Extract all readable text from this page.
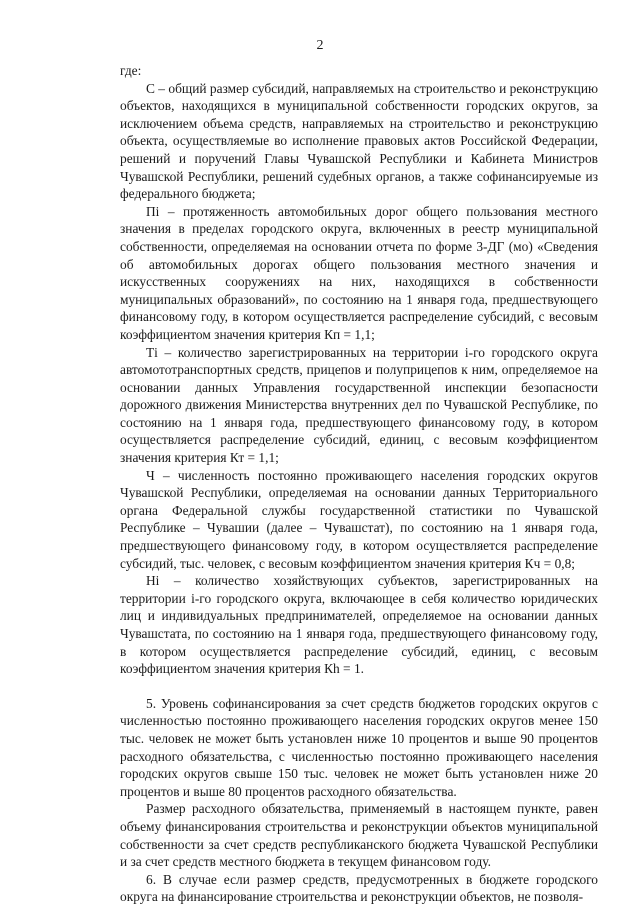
2

где:

С – общий размер субсидий, направляемых на строительство и реконструкцию объектов, находящихся в муниципальной собственности городских округов, за исключением объема средств, направляемых на строительство и реконструкцию объекта, осуществляемые во исполнение правовых актов Российской Федерации, решений и поручений Главы Чувашской Республики и Кабинета Министров Чувашской Республики, решений судебных органов, а также софинансируемые из федерального бюджета;

Пi – протяженность автомобильных дорог общего пользования местного значения в пределах городского округа, включенных в реестр муниципальной собственности, определяемая на основании отчета по форме 3-ДГ (мо) «Сведения об автомобильных дорогах общего пользования местного значения и искусственных сооружениях на них, находящихся в собственности муниципальных образований», по состоянию на 1 января года, предшествующего финансовому году, в котором осуществляется распределение субсидий, с весовым коэффициентом значения критерия Кп = 1,1;

Тi – количество зарегистрированных на территории i-го городского округа автомототранспортных средств, прицепов и полуприцепов к ним, определяемое на основании данных Управления государственной инспекции безопасности дорожного движения Министерства внутренних дел по Чувашской Республике, по состоянию на 1 января года, предшествующего финансовому году, в котором осуществляется распределение субсидий, единиц, с весовым коэффициентом значения критерия Кт = 1,1;

Ч – численность постоянно проживающего населения городских округов Чувашской Республики, определяемая на основании данных Территориального органа Федеральной службы государственной статистики по Чувашской Республике – Чувашии (далее – Чувашстат), по состоянию на 1 января года, предшествующего финансовому году, в котором осуществляется распределение субсидий, тыс. человек, с весовым коэффициентом значения критерия Кч = 0,8;

Нi – количество хозяйствующих субъектов, зарегистрированных на территории i-го городского округа, включающее в себя количество юридических лиц и индивидуальных предпринимателей, определяемое на основании данных Чувашстата, по состоянию на 1 января года, предшествующего финансовому году, в котором осуществляется распределение субсидий, единиц, с весовым коэффициентом значения критерия Кh = 1.

5. Уровень софинансирования за счет средств бюджетов городских округов с численностью постоянно проживающего населения городских округов менее 150 тыс. человек не может быть установлен ниже 10 процентов и выше 90 процентов расходного обязательства, с численностью постоянно проживающего населения городских округов свыше 150 тыс. человек не может быть установлен ниже 20 процентов и выше 80 процентов расходного обязательства.

Размер расходного обязательства, применяемый в настоящем пункте, равен объему финансирования строительства и реконструкции объектов муниципальной собственности за счет средств республиканского бюджета Чувашской Республики и за счет средств местного бюджета в текущем финансовом году.

6. В случае если размер средств, предусмотренных в бюджете городского округа на финансирование строительства и реконструкции объектов, не позволя-
